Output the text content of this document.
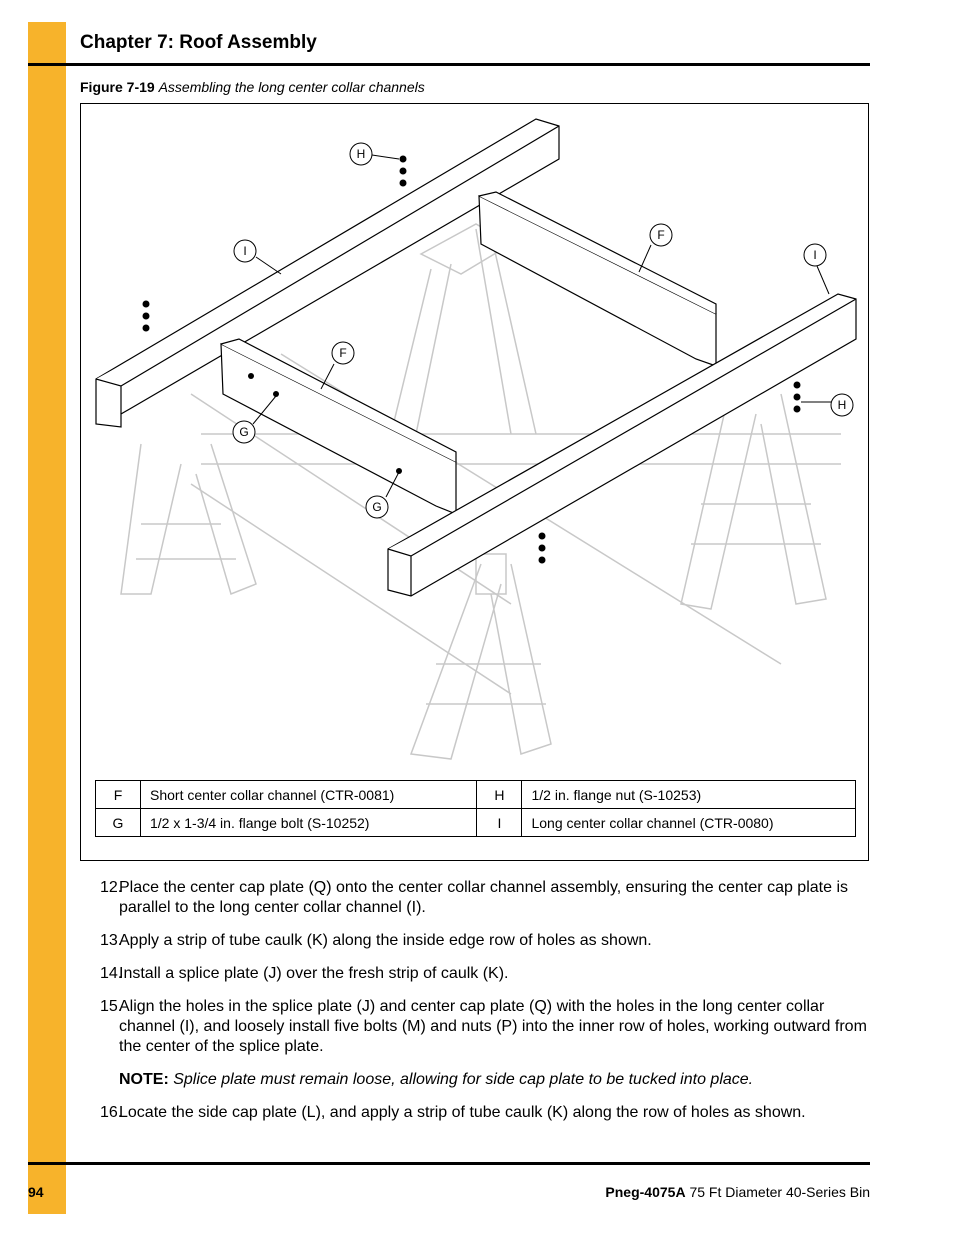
Chapter 7: Roof Assembly
Figure 7-19 Assembling the long center collar channels
H
I
F
I
F
G
G
H
F	Short center collar channel (CTR-0081)	H	1/2 in. flange nut (S-10253)
G	1/2 x 1-3/4 in. flange bolt (S-10252)	I	Long center collar channel (CTR-0080)
12.
Place the center cap plate (Q) onto the center collar channel assembly, ensuring the center cap plate is parallel to the long center collar channel (I).
13.
Apply a strip of tube caulk (K) along the inside edge row of holes as shown.
14.
Install a splice plate (J) over the fresh strip of caulk (K).
15.
Align the holes in the splice plate (J) and center cap plate (Q) with the holes in the long center collar channel (I), and loosely install five bolts (M) and nuts (P) into the inner row of holes, working outward from the center of the splice plate.
NOTE: Splice plate must remain loose, allowing for side cap plate to be tucked into place.
16.
Locate the side cap plate (L), and apply a strip of tube caulk (K) along the row of holes as shown.
94	Pneg-4075A 75 Ft Diameter 40-Series Bin
